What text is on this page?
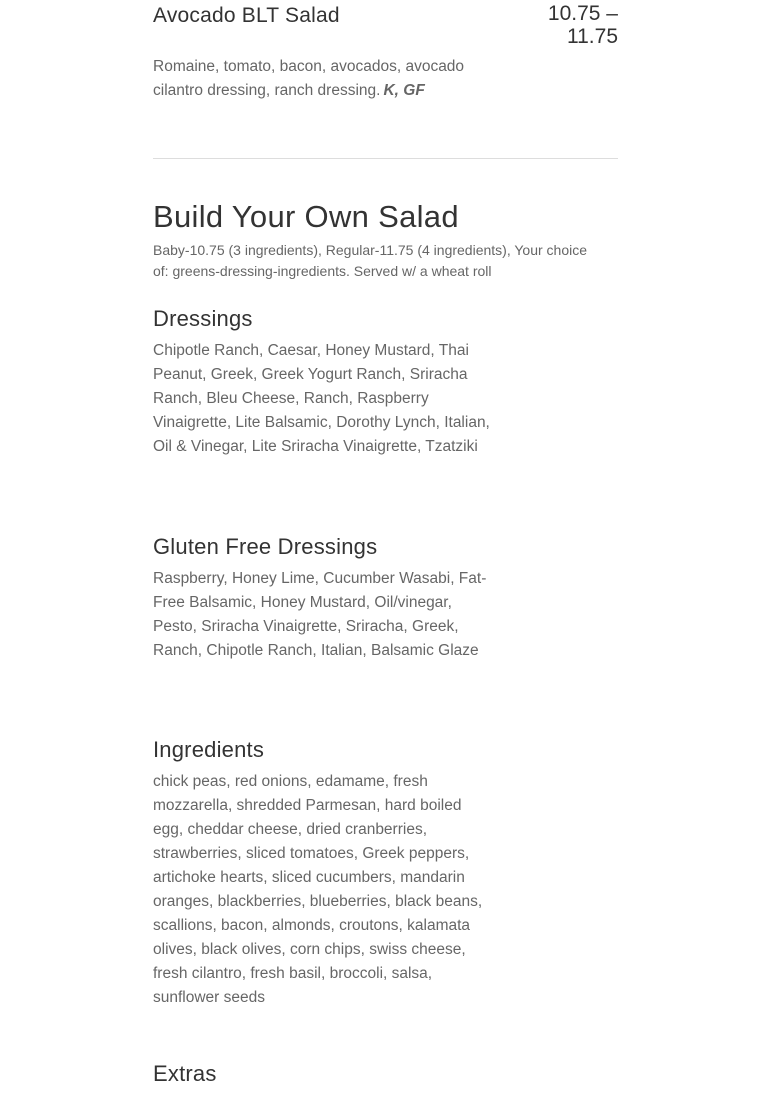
Avocado BLT Salad	10.75 – 11.75
Romaine, tomato, bacon, avocados, avocado cilantro dressing, ranch dressing. K, GF
Build Your Own Salad
Baby-10.75 (3 ingredients), Regular-11.75 (4 ingredients), Your choice of: greens-dressing-ingredients. Served w/ a wheat roll
Dressings
Chipotle Ranch, Caesar, Honey Mustard, Thai Peanut, Greek, Greek Yogurt Ranch, Sriracha Ranch, Bleu Cheese, Ranch, Raspberry Vinaigrette, Lite Balsamic, Dorothy Lynch, Italian, Oil & Vinegar, Lite Sriracha Vinaigrette, Tzatziki
Gluten Free Dressings
Raspberry, Honey Lime, Cucumber Wasabi, Fat-Free Balsamic, Honey Mustard, Oil/vinegar, Pesto, Sriracha Vinaigrette, Sriracha, Greek, Ranch, Chipotle Ranch, Italian, Balsamic Glaze
Ingredients
chick peas, red onions, edamame, fresh mozzarella, shredded Parmesan, hard boiled egg, cheddar cheese, dried cranberries, strawberries, sliced tomatoes, Greek peppers, artichoke hearts, sliced cucumbers, mandarin oranges, blackberries, blueberries, black beans, scallions, bacon, almonds, croutons, kalamata olives, black olives, corn chips, swiss cheese, fresh cilantro, fresh basil, broccoli, salsa, sunflower seeds
Extras
